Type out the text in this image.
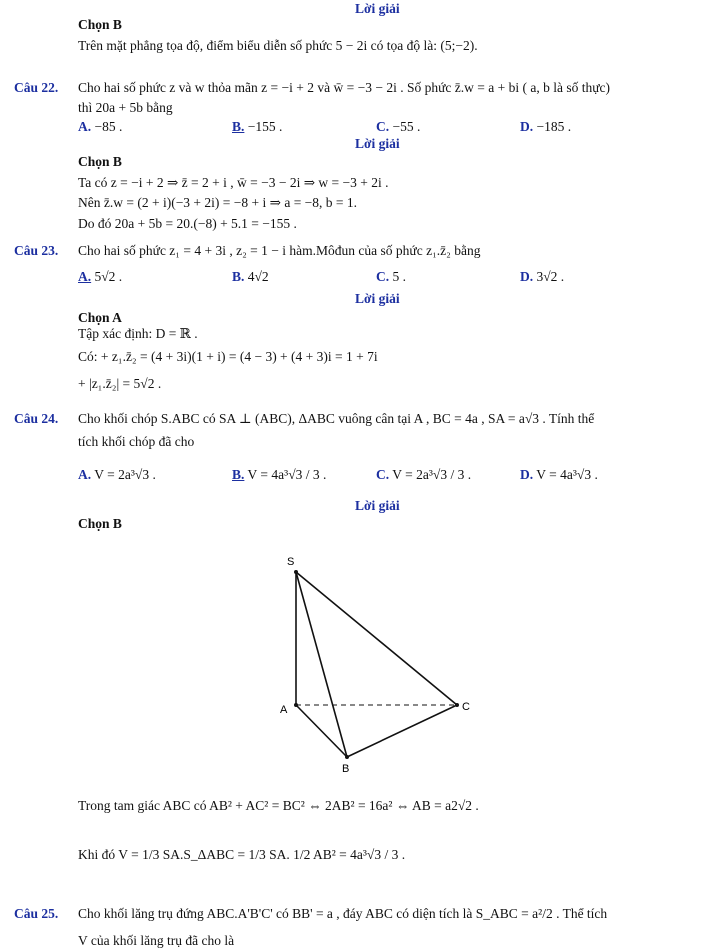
Lời giải
Chọn B
Trên mặt phẳng tọa độ, điểm biểu diễn số phức 5 − 2i có tọa độ là: (5;−2).
Câu 22. Cho hai số phức z và w thỏa mãn z = −i + 2 và w̄ = −3 − 2i . Số phức z̄.w = a + bi ( a, b là số thực)
thì 20a + 5b bằng
A. −85 .	B. −155 .	C. −55 .	D. −185 .
Lời giải
Chọn B
Ta có z = −i + 2 ⇒ z̄ = 2 + i , w̄ = −3 − 2i ⇒ w = −3 + 2i .
Nên z̄.w = (2 + i)(−3 + 2i) = −8 + i ⇒ a = −8, b = 1.
Do đó 20a + 5b = 20.(−8) + 5.1 = −155 .
Câu 23. Cho hai số phức z₁ = 4 + 3i , z₂ = 1 − i hàm.Môđun của số phức z₁.z̄₂ bằng
A. 5√2 .	B. 4√2	C. 5 .	D. 3√2 .
Lời giải
Chọn A
Tập xác định: D = ℝ .
Có: + z₁.z̄₂ = (4 + 3i)(1 + i) = (4 − 3) + (4 + 3)i = 1 + 7i
+ |z₁.z̄₂| = 5√2 .
Câu 24. Cho khối chóp S.ABC có SA ⊥ (ABC), ΔABC vuông cân tại A , BC = 4a , SA = a√3 . Tính thể
tích khối chóp đã cho
A. V = 2a³√3 .	B. V = 4a³√3 / 3 .	C. V = 2a³√3 / 3 .	D. V = 4a³√3 .
Lời giải
Chọn B
S
A
B
C
Trong tam giác ABC có AB² + AC² = BC² ⇔ 2AB² = 16a² ⇔ AB = a2√2 .
Khi đó V = 1/3 SA.S_ΔABC = 1/3 SA. 1/2 AB² = 4a³√3 / 3 .
Câu 25. Cho khối lăng trụ đứng ABC.A'B'C' có BB' = a , đáy ABC có diện tích là S_ABC = a²/2 . Thể tích
V của khối lăng trụ đã cho là
